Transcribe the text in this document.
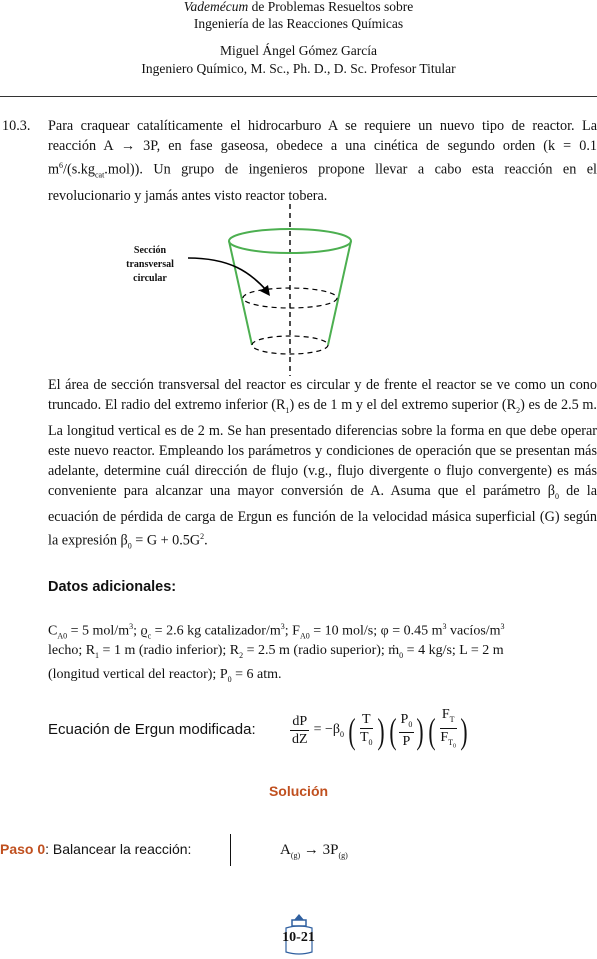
Vademécum de Problemas Resueltos sobre
Ingeniería de las Reacciones Químicas
Miguel Ángel Gómez García
Ingeniero Químico, M. Sc., Ph. D., D. Sc. Profesor Titular
10.3.	Para craquear catalíticamente el hidrocarburo A se requiere un nuevo tipo de reactor. La reacción A → 3P, en fase gaseosa, obedece a una cinética de segundo orden (k = 0.1 $m^6/(s.kg_{cat}.mol)$). Un grupo de ingenieros propone llevar a cabo esta reacción en el revolucionario y jamás antes visto reactor tobera.
Sección
transversal
circular
El área de sección transversal del reactor es circular y de frente el reactor se ve como un cono truncado. El radio del extremo inferior $(R_1)$ es de 1 m y el del extremo superior $(R_2)$ es de 2.5 m. La longitud vertical es de 2 m. Se han presentado diferencias sobre la forma en que debe operar este nuevo reactor. Empleando los parámetros y condiciones de operación que se presentan más adelante, determine cuál dirección de flujo (v.g., flujo divergente o flujo convergente) es más conveniente para alcanzar una mayor conversión de A. Asuma que el parámetro $\beta_0$ de la ecuación de pérdida de carga de Ergun es función de la velocidad másica superficial (G) según la expresión $\beta_0 = G + 0.5G^2$.
Datos adicionales:
$C_{A0} = 5$ mol/$m^3$; $ϱ_c = 2.6$ kg catalizador/$m^3$; $F_{A0} = 10$ mol/s; φ = 0.45 $m^3$ vacíos/$m^3$
lecho; $R_1 = 1$ m (radio inferior); $R_2 = 2.5$ m (radio superior); ṁ$_0$ = 4 kg/s; L = 2 m
(longitud vertical del reactor); $P_0 = 6$ atm.
Ecuación de Ergun modificada: $\frac{dP}{dZ} = -\beta_0$ ( $\frac{T}{T_0}$ ) ( $\frac{P_0}{P}$ ) ( $\frac{F_T}{F_{T_0}}$ )
Solución
Paso 0: Balancear la reacción:	$A_{(g)} \to 3P_{(g)}$
10-21
